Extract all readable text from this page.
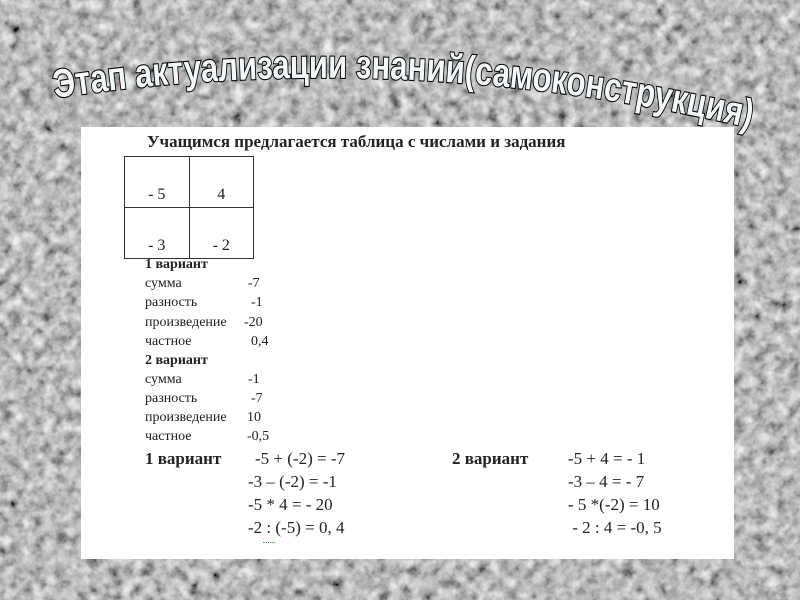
Этап актуализации знаний(самоконструкция)
Учащимся предлагается таблица с числами и задания
- 5	4
- 3	- 2
1 вариант
сумма	-7
разность	-1
произведение -20
частное	0,4
2 вариант
сумма	-1
разность	-7
произведение 10
частное	-0,5
1 вариант -5 + (-2) = -7
-3 – (-2) = -1
-5 * 4 = - 20
-2 : (-5) = 0, 4
2 вариант -5 + 4 = - 1
-3 – 4 = - 7
- 5 *(-2) = 10
- 2 : 4 = -0, 5
